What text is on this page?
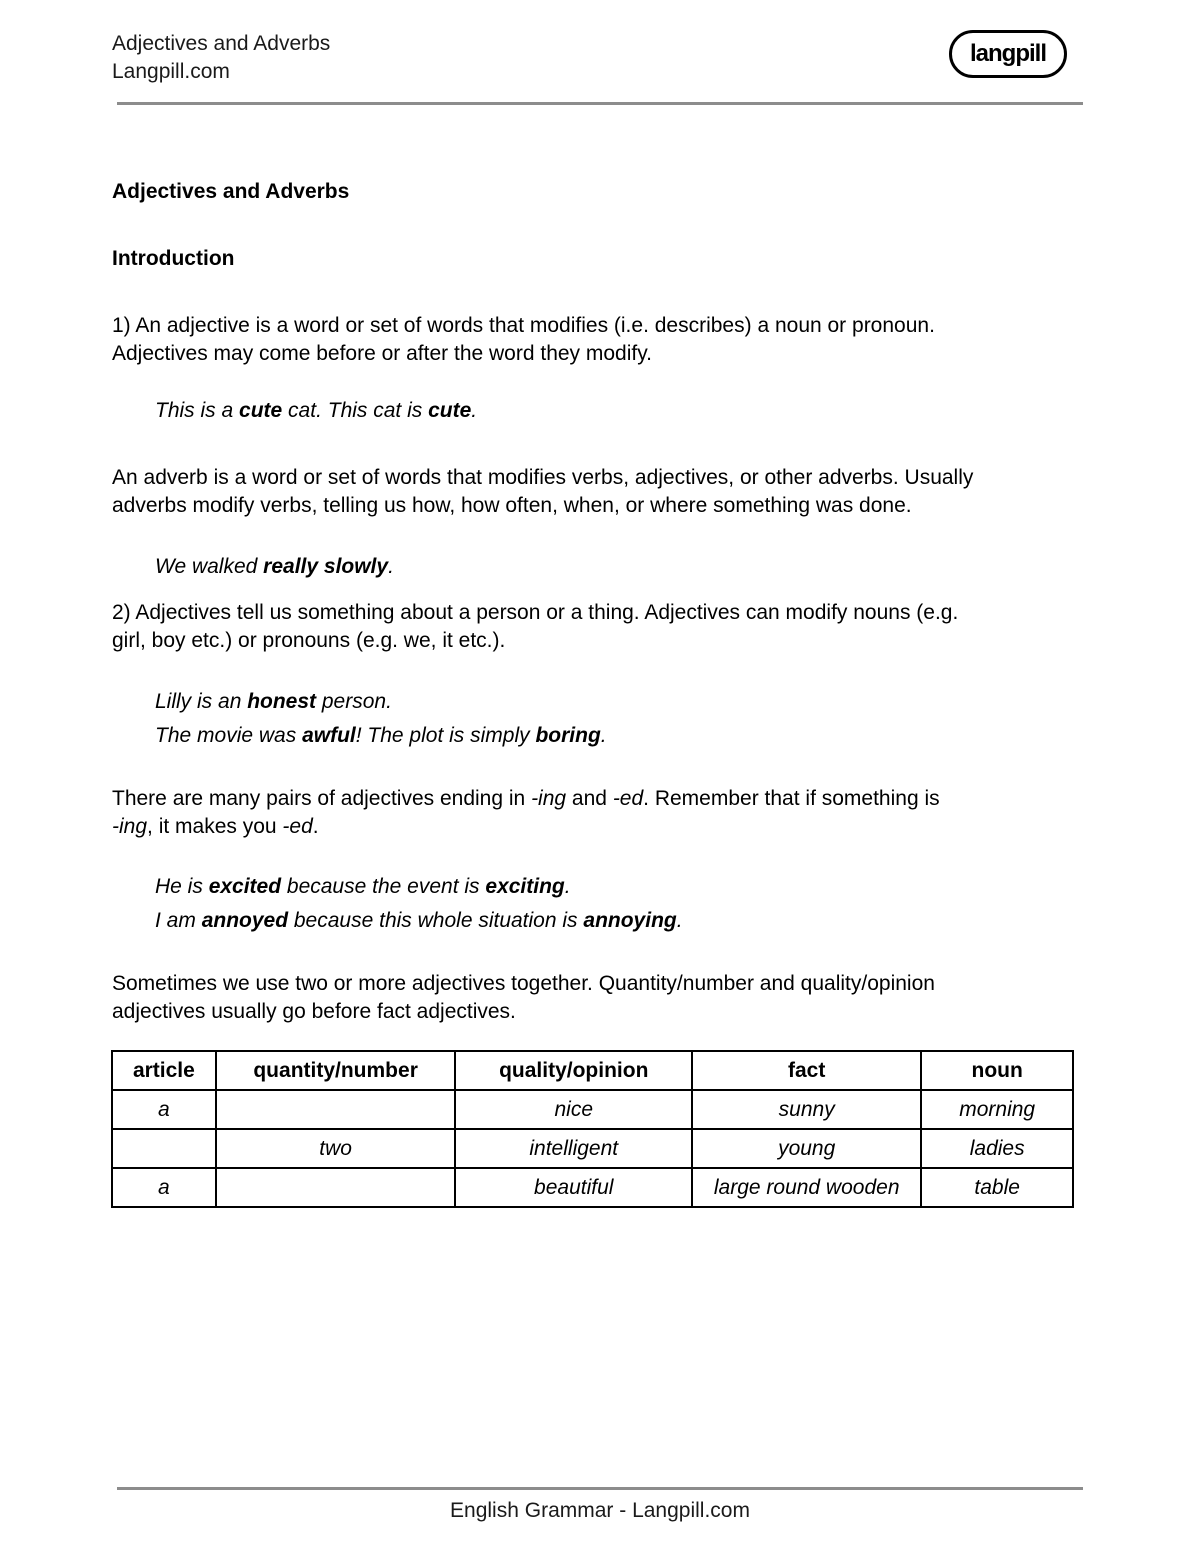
Adjectives and Adverbs
Langpill.com
langpill
Adjectives and Adverbs
Introduction
1) An adjective is a word or set of words that modifies (i.e. describes) a noun or pronoun.
Adjectives may come before or after the word they modify.
This is a cute cat. This cat is cute.
An adverb is a word or set of words that modifies verbs, adjectives, or other adverbs. Usually
adverbs modify verbs, telling us how, how often, when, or where something was done.
We walked really slowly.
2) Adjectives tell us something about a person or a thing. Adjectives can modify nouns (e.g.
girl, boy etc.) or pronouns (e.g. we, it etc.).
Lilly is an honest person.
The movie was awful! The plot is simply boring.
There are many pairs of adjectives ending in -ing and -ed. Remember that if something is
-ing, it makes you -ed.
He is excited because the event is exciting.
I am annoyed because this whole situation is annoying.
Sometimes we use two or more adjectives together. Quantity/number and quality/opinion
adjectives usually go before fact adjectives.
article	quantity/number	quality/opinion	fact	noun
a		nice	sunny	morning
	two	intelligent	young	ladies
a		beautiful	large round wooden	table
English Grammar - Langpill.com
